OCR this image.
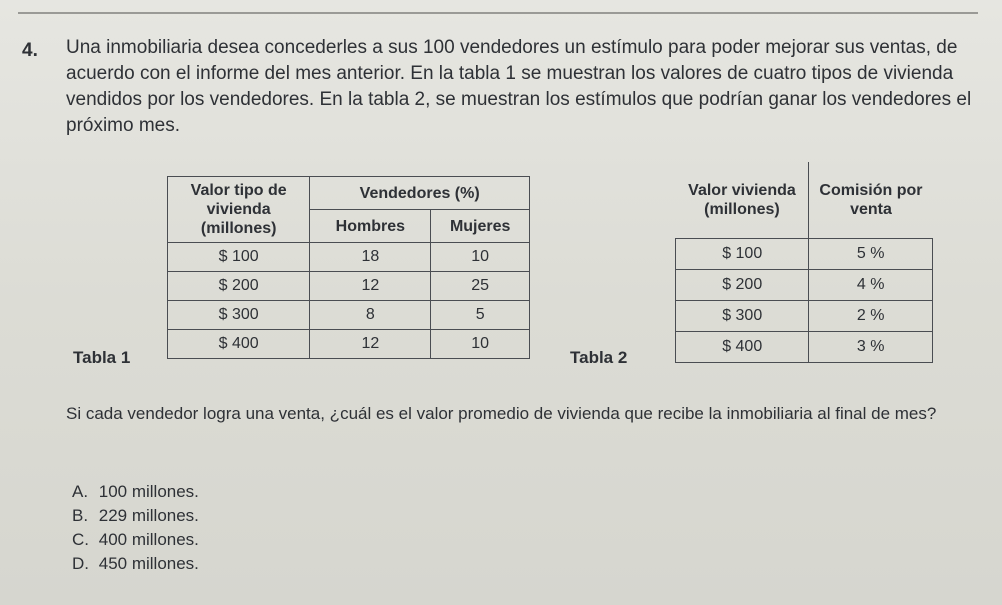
4. Una inmobiliaria desea concederles a sus 100 vendedores un estímulo para poder mejorar sus ventas, de acuerdo con el informe del mes anterior. En la tabla 1 se muestran los valores de cuatro tipos de vivienda vendidos por los vendedores. En la tabla 2, se muestran los estímulos que podrían ganar los vendedores el próximo mes.
Valor tipo de vivienda (millones)	Vendedores (%)	
	Hombres	Mujeres
$ 100	18	10
$ 200	12	25
$ 300	8	5
$ 400	12	10
Tabla 1
Valor vivienda (millones)	Comisión por venta
$ 100	5 %
$ 200	4 %
$ 300	2 %
$ 400	3 %
Tabla 2
Si cada vendedor logra una venta, ¿cuál es el valor promedio de vivienda que recibe la inmobiliaria al final de mes?
A. 100 millones.
B. 229 millones.
C. 400 millones.
D. 450 millones.
